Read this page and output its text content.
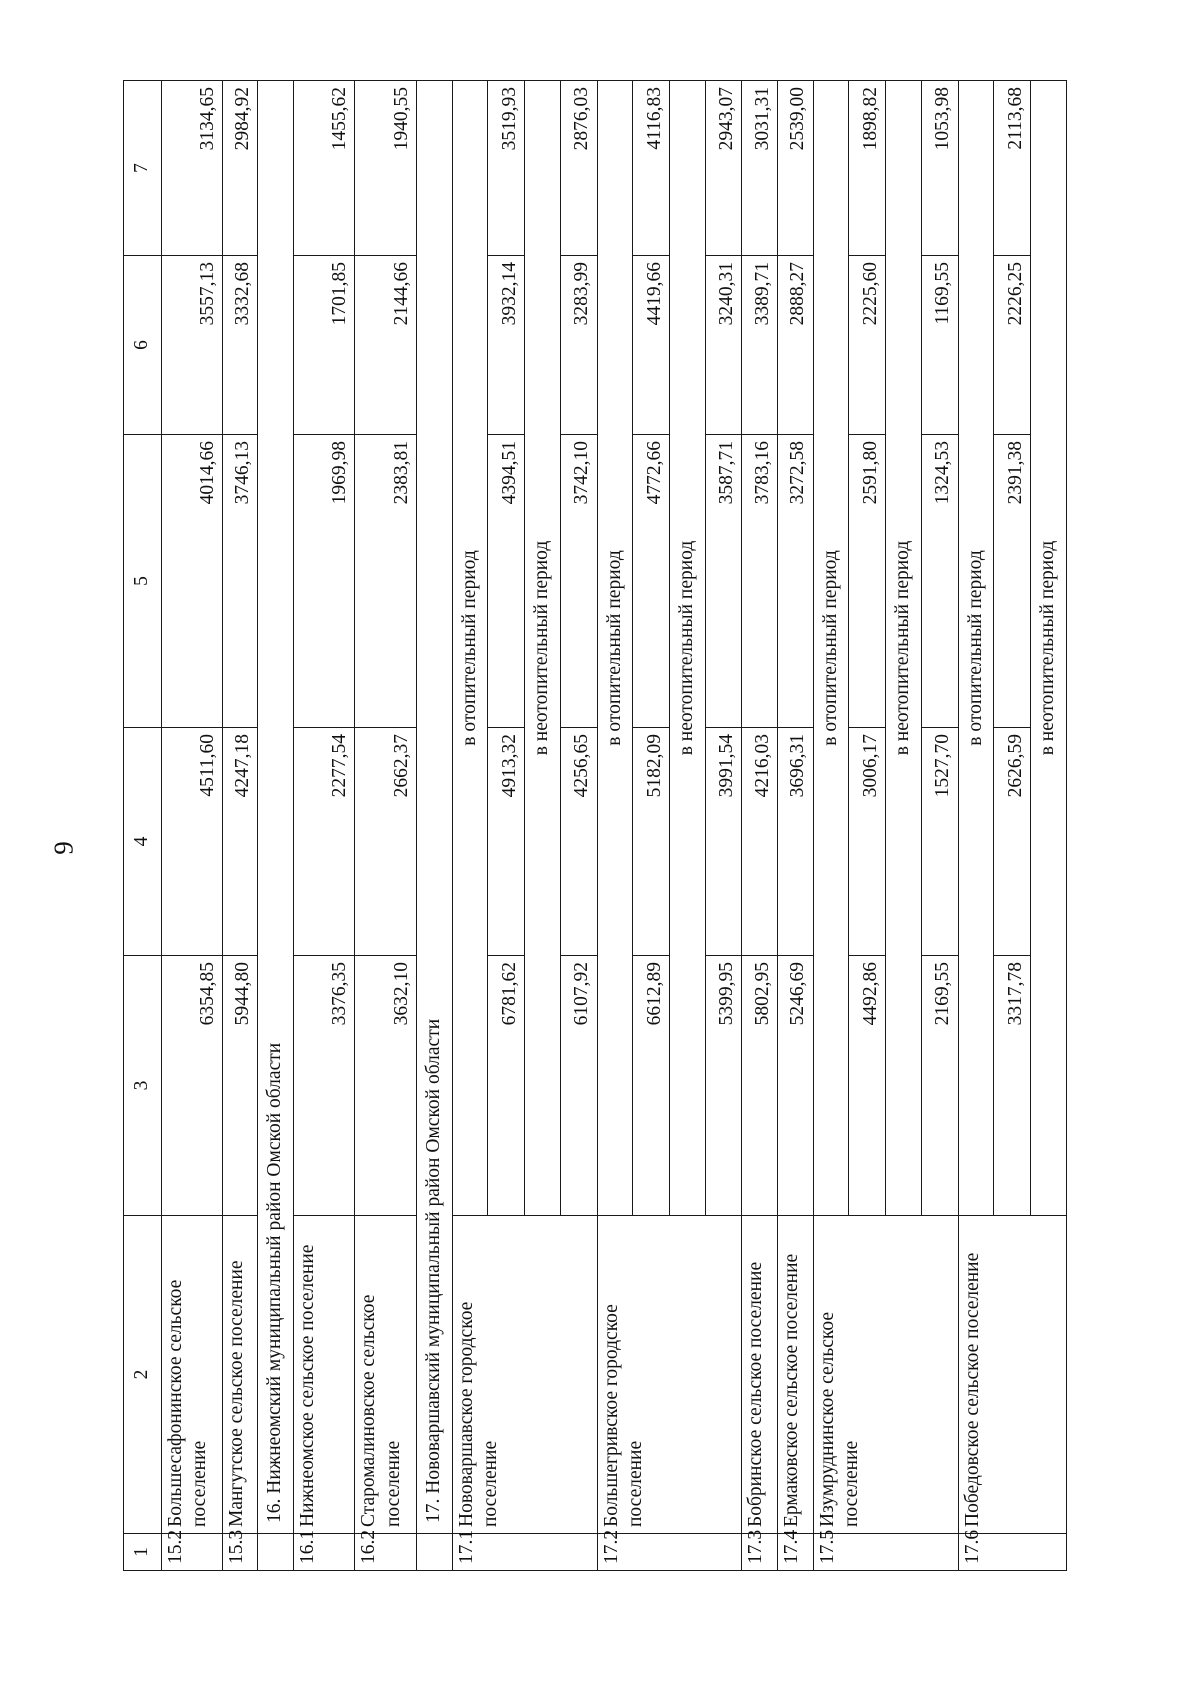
9
1	2	3	4	5	6	7
15.2	Большесафонинское сельское поселение	6354,85	4511,60	4014,66	3557,13	3134,65
15.3	Мангутское сельское поселение	5944,80	4247,18	3746,13	3332,68	2984,92
	16. Нижнеомский муниципальный район Омской области					
16.1	Нижнеомское сельское поселение	3376,35	2277,54	1969,98	1701,85	1455,62
16.2	Старомалиновское сельское поселение	3632,10	2662,37	2383,81	2144,66	1940,55
	17. Нововаршавский муниципальный район Омской области					
17.1	Нововаршавское городское поселение	в отопительный период				
		6781,62	4913,32	4394,51	3932,14	3519,93
		в неотопительный период				
		6107,92	4256,65	3742,10	3283,99	2876,03
17.2	Большегривское городское поселение	в отопительный период				
		6612,89	5182,09	4772,66	4419,66	4116,83
		в неотопительный период				
		5399,95	3991,54	3587,71	3240,31	2943,07
17.3	Бобринское сельское поселение	5802,95	4216,03	3783,16	3389,71	3031,31
17.4	Ермаковское сельское поселение	5246,69	3696,31	3272,58	2888,27	2539,00
17.5	Изумруднинское сельское поселение	в отопительный период				
		4492,86	3006,17	2591,80	2225,60	1898,82
		в неотопительный период				
		2169,55	1527,70	1324,53	1169,55	1053,98
17.6	Победовское сельское поселение	в отопительный период				
		3317,78	2626,59	2391,38	2226,25	2113,68
		в неотопительный период				
